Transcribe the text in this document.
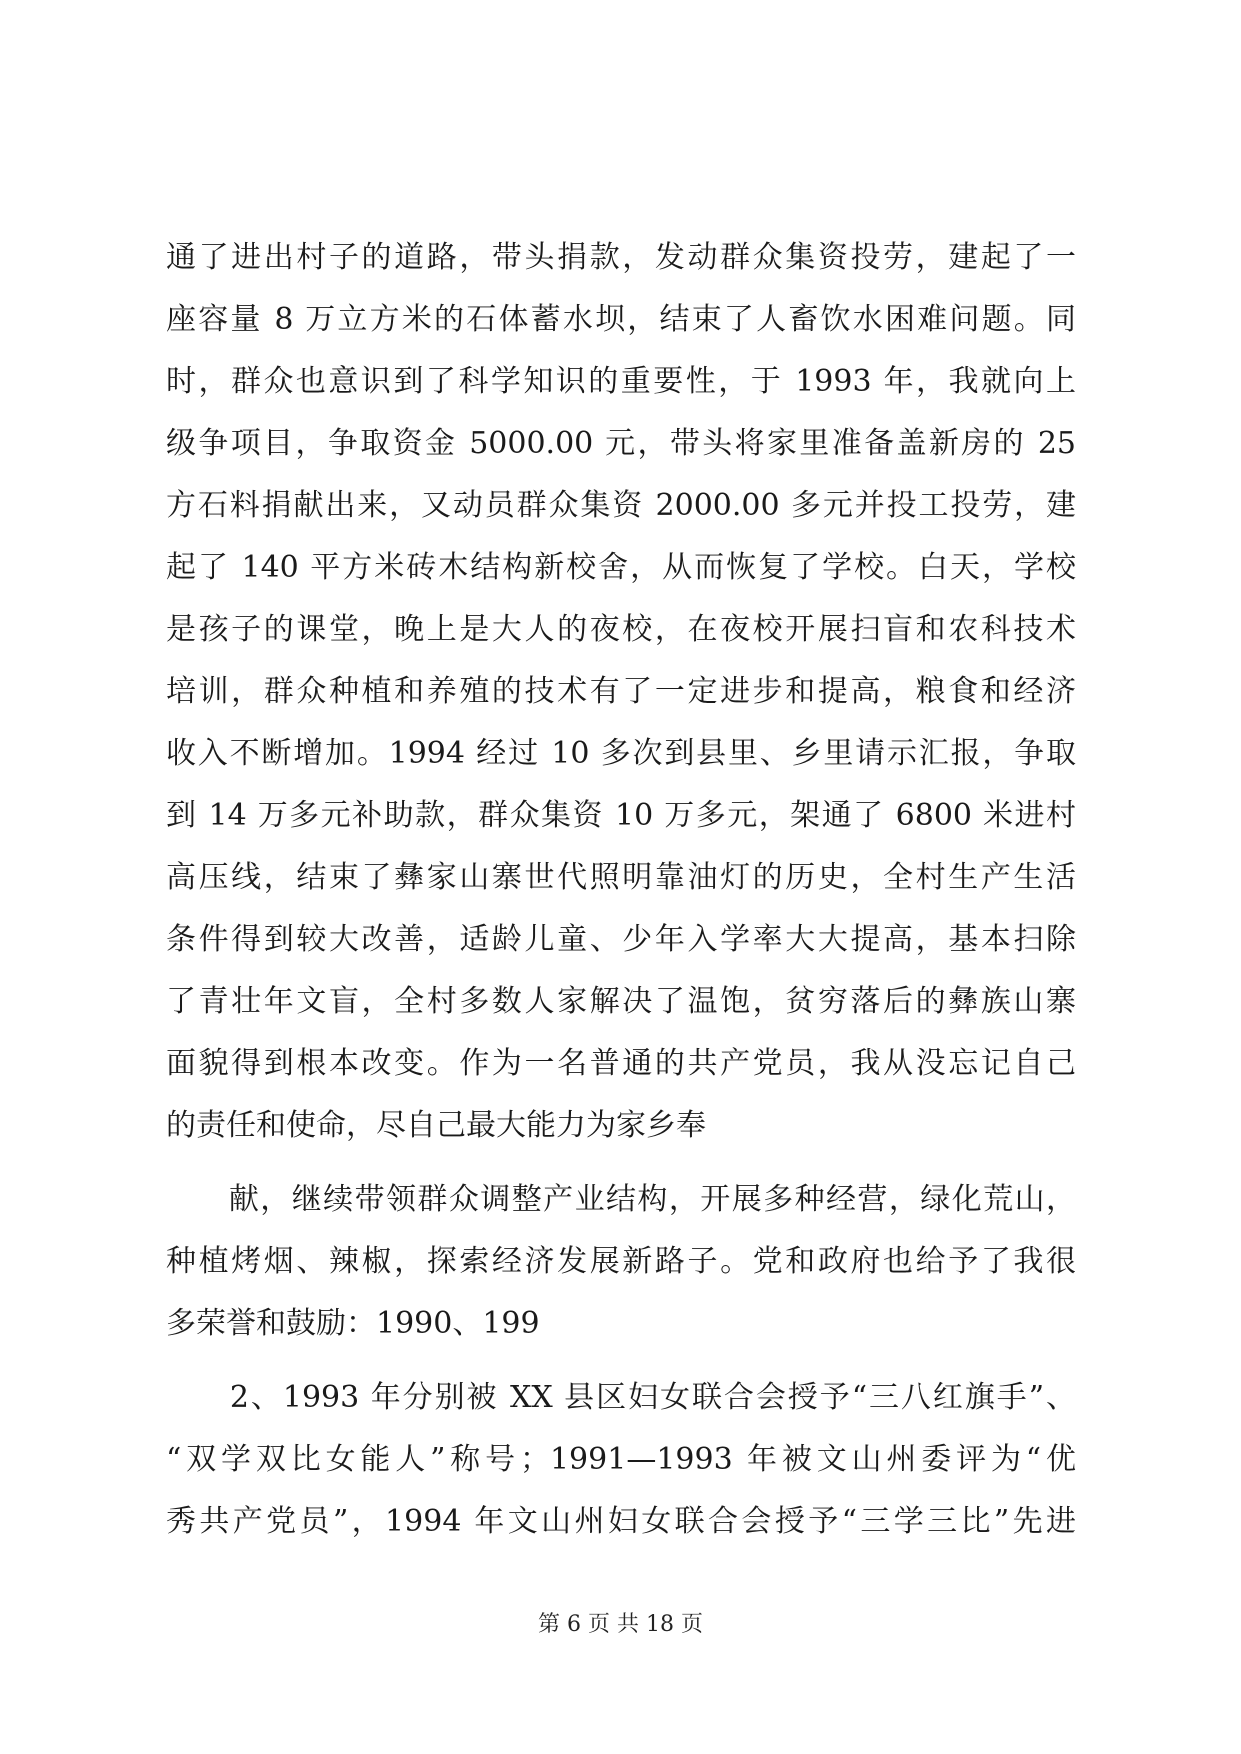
通了进出村子的道路，带头捐款，发动群众集资投劳，建起了一
座容量 8 万立方米的石体蓄水坝，结束了人畜饮水困难问题。同
时，群众也意识到了科学知识的重要性，于 1993 年，我就向上
级争项目，争取资金 5000.00 元，带头将家里准备盖新房的 25
方石料捐献出来，又动员群众集资 2000.00 多元并投工投劳，建
起了 140 平方米砖木结构新校舍，从而恢复了学校。白天，学校
是孩子的课堂，晚上是大人的夜校，在夜校开展扫盲和农科技术
培训，群众种植和养殖的技术有了一定进步和提高，粮食和经济
收入不断增加。1994 经过 10 多次到县里、乡里请示汇报，争取
到 14 万多元补助款，群众集资 10 万多元，架通了 6800 米进村
高压线，结束了彝家山寨世代照明靠油灯的历史，全村生产生活
条件得到较大改善，适龄儿童、少年入学率大大提高，基本扫除
了青壮年文盲，全村多数人家解决了温饱，贫穷落后的彝族山寨
面貌得到根本改变。作为一名普通的共产党员，我从没忘记自己
的责任和使命，尽自己最大能力为家乡奉
　　献，继续带领群众调整产业结构，开展多种经营，绿化荒山，
种植烤烟、辣椒，探索经济发展新路子。党和政府也给予了我很
多荣誉和鼓励：1990、199
　　2、1993 年分别被 XX 县区妇女联合会授予“三八红旗手”、
“双学双比女能人”称号；1991—1993 年被文山州委评为“优
秀共产党员”，1994 年文山州妇女联合会授予“三学三比”先进
第 6 页 共 18 页
